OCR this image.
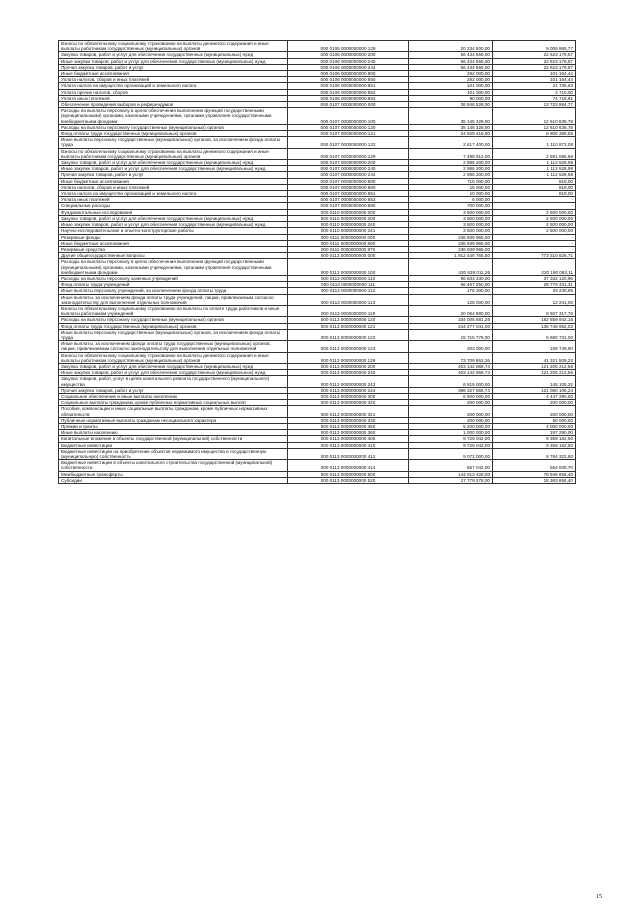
Взносы по обязательному социальному страхованию на выплаты денежного содержания и иные выплаты работникам государственных (муниципальных) органов	000 0106 0000000000 129	20 234 800,00	9 006 965,77
Закупка товаров, работ и услуг для обеспечения государственных (муниципальных) нужд	000 0106 0000000000 200	56 434 555,00	22 623 179,57
Иные закупки товаров, работ и услуг для обеспечения государственных (муниципальных) нужд	000 0106 0000000000 240	56 434 555,00	22 623 179,57
Прочая закупка товаров, работ и услуг	000 0106 0000000000 244	56 434 555,00	22 623 179,57
Иные бюджетные ассигнования	000 0106 0000000000 800	292 000,00	101 164,44
Уплата налогов, сборов и иных платежей	000 0106 0000000000 850	292 000,00	101 164,44
Уплата налога на имущество организаций и земельного налога	000 0106 0000000000 851	101 000,00	21 735,63
Уплата прочих налогов, сборов	000 0106 0000000000 852	101 000,00	4 710,00
Уплата иных платежей	000 0106 0000000000 853	90 000,00	74 718,81
Обеспечение проведения выборов и референдумов	000 0107 0000000000 000	36 846 528,00	13 723 984,77
Расходы на выплаты персоналу в целях обеспечения выполнения функций государственными (муниципальными) органами, казенными учреждениями, органами управления государственными внебюджетными фондами	000 0107 0000000000 100	35 145 328,00	12 610 636,78
Расходы на выплаты персоналу государственных (муниципальных) органов	000 0107 0000000000 120	35 145 328,00	12 610 636,78
Фонд оплаты труда государственных (муниципальных) органов	000 0107 0000000000 121	24 829 416,00	8 908 389,55
Иные выплаты персоналу государственных (муниципальных) органов, за исключением фонда оплаты труда	000 0107 0000000000 122	2 817 400,00	1 110 873,08
Взносы по обязательному социальному страхованию на выплаты денежного содержания и иные выплаты работникам государственных (муниципальных) органов	000 0107 0000000000 129	7 498 512,00	2 591 595,66
Закупка товаров, работ и услуг для обеспечения государственных (муниципальных) нужд	000 0107 0000000000 200	2 986 200,00	1 112 528,98
Иные закупки товаров, работ и услуг для обеспечения государственных (муниципальных) нужд	000 0107 0000000000 240	2 986 200,00	1 112 528,98
Прочая закупка товаров, работ и услуг	000 0107 0000000000 244	2 986 200,00	1 112 528,98
Иные бюджетные ассигнования	000 0107 0000000000 800	715 000,00	819,00
Уплата налогов, сборов и иных платежей	000 0107 0000000000 850	15 000,00	819,00
Уплата налога на имущество организаций и земельного налога	000 0107 0000000000 851	10 000,00	819,00
Уплата иных платежей	000 0107 0000000000 853	5 000,00	-
Специальные расходы	000 0107 0000000000 880	700 000,00	-
Фундаментальные исследования	000 0110 0000000000 000	3 500 000,00	2 500 000,00
Закупка товаров, работ и услуг для обеспечения государственных (муниципальных) нужд	000 0110 0000000000 200	3 500 000,00	2 500 000,00
Иные закупки товаров, работ и услуг для обеспечения государственных (муниципальных) нужд	000 0110 0000000000 240	3 500 000,00	2 500 000,00
Научно-исследовательские и опытно-конструкторские работы	000 0110 0000000000 241	3 500 000,00	2 500 000,00
Резервные фонды	000 0111 0000000000 000	236 939 965,00	-
Иные бюджетные ассигнования	000 0111 0000000000 800	236 939 965,00	-
Резервные средства	000 0111 0000000000 870	236 939 965,00	-
Другие общегосударственные вопросы	000 0113 0000000000 000	1 912 446 765,50	773 310 626,71
Расходы на выплаты персоналу в целях обеспечения выполнения функций государственными (муниципальными) органами, казенными учреждениями, органами управления государственными внебюджетными фондами	000 0113 0000000000 100	420 639 011,26	220 190 063,11
Расходы на выплаты персоналу казенных учреждений	000 0113 0000000000 110	86 833 330,00	37 332 120,96
Фонд оплаты труда учреждений	000 0113 0000000000 111	66 467 250,00	28 779 331,31
Иные выплаты персоналу учреждений, за исключением фонда оплаты труда	000 0113 0000000000 112	176 200,00	33 230,95
Иные выплаты, за исключением фонда оплаты труда учреждений, лицам, привлекаемым согласно законодательству для выполнения отдельных полномочий	000 0113 0000000000 113	125 000,00	12 241,00
Взносы по обязательному социальному страхованию на выплаты по оплате труда работников и иные выплаты работникам учреждений	000 0113 0000000000 119	20 064 880,00	8 507 317,70
Расходы на выплаты персоналу государственных (муниципальных) органов	000 0113 0000000000 120	334 005 681,26	182 859 942,15
Фонд оплаты труда государственных (муниципальных) органов	000 0113 0000000000 121	244 277 041,00	135 748 692,02
Иные выплаты персоналу государственных (муниципальных) органов, за исключением фонда оплаты труда	000 0113 0000000000 122	15 715 778,00	5 680 731,00
Иные выплаты, за исключением фонда оплаты труда государственных (муниципальных) органов, лицам, привлекаемым согласно законодательству для выполнения отдельных полномочий	000 0113 0000000000 123	303 000,00	108 749,90
Взносы по обязательному социальному страхованию на выплаты денежного содержания и иные выплаты работникам государственных (муниципальных) органов	000 0113 0000000000 129	73 709 862,26	41 321 509,23
Закупка товаров, работ и услуг для обеспечения государственных (муниципальных) нужд	000 0113 0000000000 200	403 142 868,74	121 205 212,56
Иные закупки товаров, работ и услуг для обеспечения государственных (муниципальных) нужд	000 0113 0000000000 240	403 142 868,74	121 205 212,56
Закупка товаров, работ, услуг в целях капитального ремонта государственного (муниципального) имущества	000 0113 0000000000 243	6 815 000,00	145 105,32
Прочая закупка товаров, работ и услуг	000 0113 0000000000 244	396 327 868,74	121 060 106,24
Социальное обеспечение и иные выплаты населению	000 0113 0000000000 300	6 600 000,00	4 447 290,00
Социальные выплаты гражданам, кроме публичных нормативных социальных выплат	000 0113 0000000000 320	200 000,00	200 000,00
Пособия, компенсации и иные социальные выплаты гражданам, кроме публичных нормативных обязательств	000 0113 0000000000 321	200 000,00	200 000,00
Публичные нормативные выплаты гражданам несоциального характера	000 0113 0000000000 330	200 000,00	50 000,00
Премии и гранты	000 0113 0000000000 350	5 200 000,00	4 000 000,00
Иные выплаты населению	000 0113 0000000000 360	1 000 000,00	197 290,00
Капитальные вложения в объекты государственной (муниципальной) собственности	000 0113 0000000000 400	9 729 042,00	9 359 162,50
Бюджетные инвестиции	000 0113 0000000000 410	9 729 042,00	9 359 162,50
Бюджетные инвестиции на приобретение объектов недвижимого имущества в государственную (муниципальную) собственность	000 0113 0000000000 412	9 072 000,00	8 794 322,80
Бюджетные инвестиции в объекты капитального строительства государственной (муниципальной) собственности	000 0113 0000000000 414	657 042,00	564 839,70
Межбюджетные трансферты	000 0113 0000000000 500	144 013 428,00	78 946 656,40
Субсидии	000 0113 0000000000 520	27 779 278,00	18 363 656,40
15
